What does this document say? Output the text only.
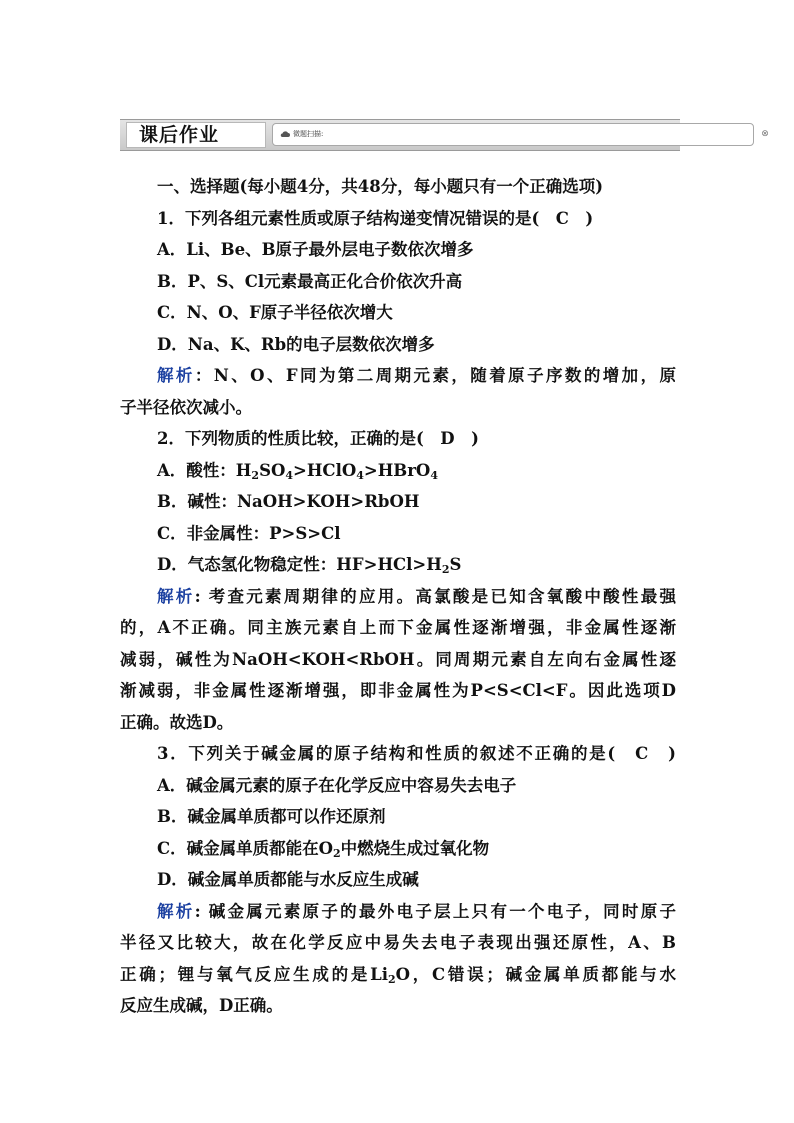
课后作业	微题扫描:	⊗
一、选择题(每小题4分，共48分，每小题只有一个正确选项)
1．下列各组元素性质或原子结构递变情况错误的是(　C　)
A．Li、Be、B原子最外层电子数依次增多
B．P、S、Cl元素最高正化合价依次升高
C．N、O、F原子半径依次增大
D．Na、K、Rb的电子层数依次增多
解析：N、O、F同为第二周期元素，随着原子序数的增加，原
子半径依次减小。
2．下列物质的性质比较，正确的是(　D　)
A．酸性：$H_2SO_4>HClO_4>HBrO_4$
B．碱性：NaOH>KOH>RbOH
C．非金属性：P>S>Cl
D．气态氢化物稳定性：$HF>HCl>H_2S$
解析: 考查元素周期律的应用。高氯酸是已知含氧酸中酸性最强
的，A不正确。同主族元素自上而下金属性逐渐增强，非金属性逐渐
减弱，碱性为NaOH<KOH<RbOH。同周期元素自左向右金属性逐
渐减弱，非金属性逐渐增强，即非金属性为P<S<Cl<F。因此选项D
正确。故选D。
3．下列关于碱金属的原子结构和性质的叙述不正确的是(　C　)
A．碱金属元素的原子在化学反应中容易失去电子
B．碱金属单质都可以作还原剂
C．碱金属单质都能在$O_2$中燃烧生成过氧化物
D．碱金属单质都能与水反应生成碱
解析: 碱金属元素原子的最外电子层上只有一个电子，同时原子
半径又比较大，故在化学反应中易失去电子表现出强还原性，A、B
正确；锂与氧气反应生成的是$Li_2O$，C错误；碱金属单质都能与水
反应生成碱，D正确。
